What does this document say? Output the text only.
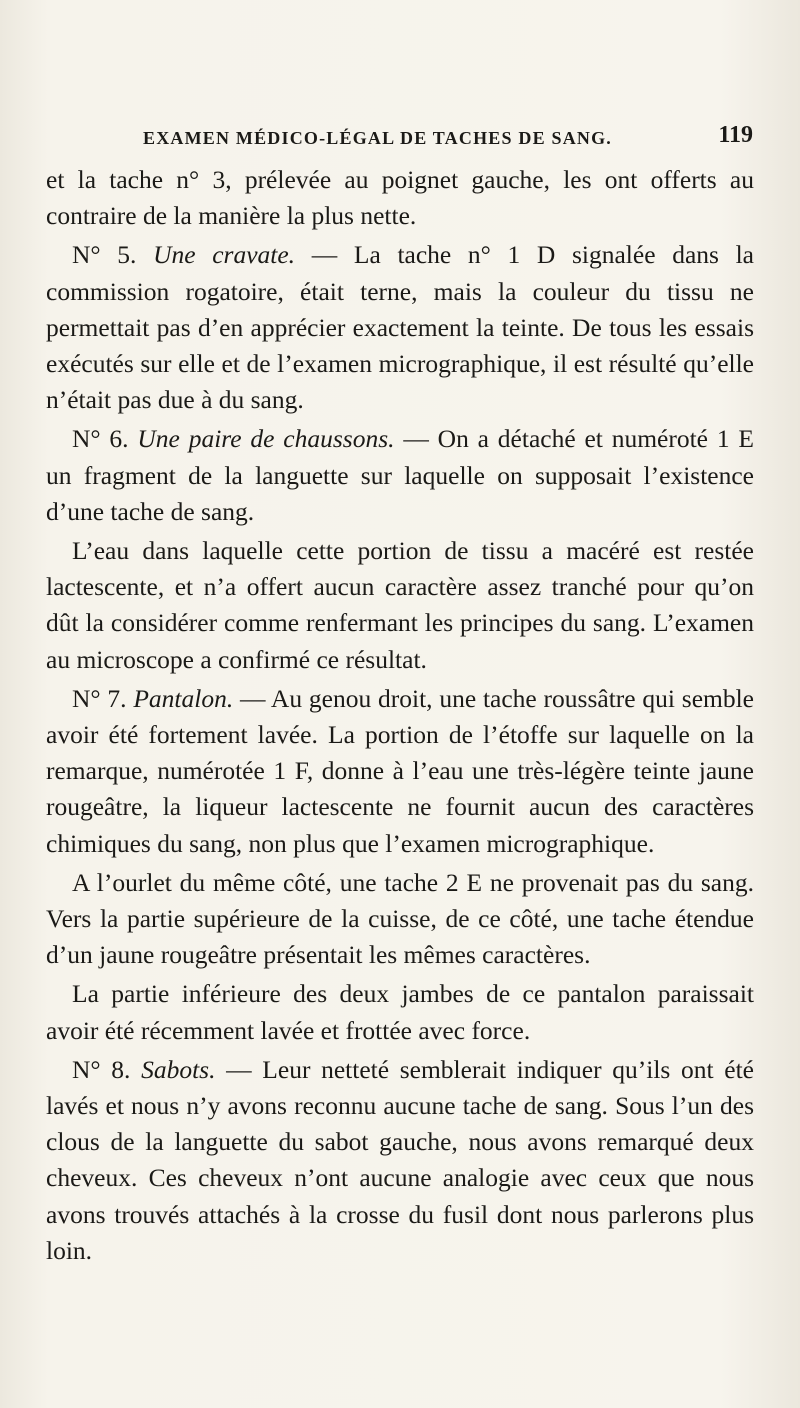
EXAMEN MÉDICO-LÉGAL DE TACHES DE SANG.	119

et la tache n° 3, prélevée au poignet gauche, les ont offerts au contraire de la manière la plus nette.

N° 5. Une cravate. — La tache n° 1 D signalée dans la commission rogatoire, était terne, mais la couleur du tissu ne permettait pas d’en apprécier exactement la teinte. De tous les essais exécutés sur elle et de l’examen micrographique, il est résulté qu’elle n’était pas due à du sang.

N° 6. Une paire de chaussons. — On a détaché et numéroté 1 E un fragment de la languette sur laquelle on supposait l’existence d’une tache de sang.

L’eau dans laquelle cette portion de tissu a macéré est restée lactescente, et n’a offert aucun caractère assez tranché pour qu’on dût la considérer comme renfermant les principes du sang. L’examen au microscope a confirmé ce résultat.

N° 7. Pantalon. — Au genou droit, une tache roussâtre qui semble avoir été fortement lavée. La portion de l’étoffe sur laquelle on la remarque, numérotée 1 F, donne à l’eau une très-légère teinte jaune rougeâtre, la liqueur lactescente ne fournit aucun des caractères chimiques du sang, non plus que l’examen micrographique.

A l’ourlet du même côté, une tache 2 E ne provenait pas du sang. Vers la partie supérieure de la cuisse, de ce côté, une tache étendue d’un jaune rougeâtre présentait les mêmes caractères.

La partie inférieure des deux jambes de ce pantalon paraissait avoir été récemment lavée et frottée avec force.

N° 8. Sabots. — Leur netteté semblerait indiquer qu’ils ont été lavés et nous n’y avons reconnu aucune tache de sang. Sous l’un des clous de la languette du sabot gauche, nous avons remarqué deux cheveux. Ces cheveux n’ont aucune analogie avec ceux que nous avons trouvés attachés à la crosse du fusil dont nous parlerons plus loin.
